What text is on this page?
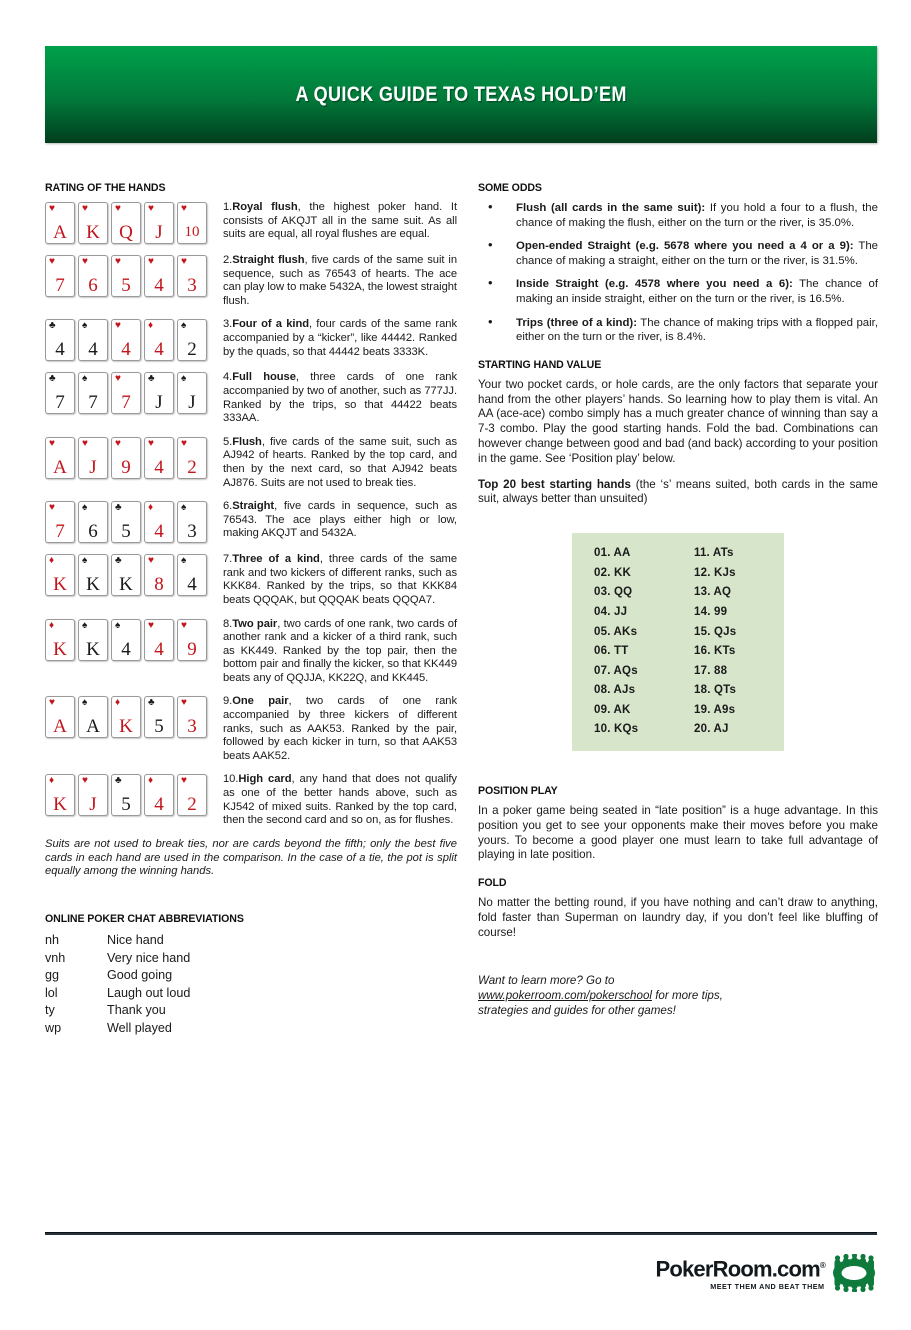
A QUICK GUIDE TO TEXAS HOLD’EM
RATING OF THE HANDS
♥
A
♥
K
♥
Q
♥
J
♥
10
1.Royal flush, the highest poker hand. It consists of AKQJT all in the same suit. As all suits are equal, all royal flushes are equal.
♥
7
♥
6
♥
5
♥
4
♥
3
2.Straight flush, five cards of the same suit in sequence, such as 76543 of hearts. The ace can play low to make 5432A, the lowest straight flush.
♣
4
♠
4
♥
4
♦
4
♠
2
3.Four of a kind, four cards of the same rank accompanied by a “kicker”, like 44442. Ranked by the quads, so that 44442 beats 3333K.
♣
7
♠
7
♥
7
♣
J
♠
J
4.Full house, three cards of one rank accompanied by two of another, such as 777JJ. Ranked by the trips, so that 44422 beats 333AA.
♥
A
♥
J
♥
9
♥
4
♥
2
5.Flush, five cards of the same suit, such as AJ942 of hearts. Ranked by the top card, and then by the next card, so that AJ942 beats AJ876. Suits are not used to break ties.
♥
7
♠
6
♣
5
♦
4
♠
3
6.Straight, five cards in sequence, such as 76543. The ace plays either high or low, making AKQJT and 5432A.
♦
K
♠
K
♣
K
♥
8
♠
4
7.Three of a kind, three cards of the same rank and two kickers of different ranks, such as KKK84. Ranked by the trips, so that KKK84 beats QQQAK, but QQQAK beats QQQA7.
♦
K
♠
K
♠
4
♥
4
♥
9
8.Two pair, two cards of one rank, two cards of another rank and a kicker of a third rank, such as KK449. Ranked by the top pair, then the bottom pair and finally the kicker, so that KK449 beats any of QQJJA, KK22Q, and KK445.
♥
A
♠
A
♦
K
♣
5
♥
3
9.One pair, two cards of one rank accompanied by three kickers of different ranks, such as AAK53. Ranked by the pair, followed by each kicker in turn, so that AAK53 beats AAK52.
♦
K
♥
J
♣
5
♦
4
♥
2
10.High card, any hand that does not qualify as one of the better hands above, such as KJ542 of mixed suits. Ranked by the top card, then the second card and so on, as for flushes.

Suits are not used to break ties, nor are cards beyond the fifth; only the best five cards in each hand are used in the comparison. In the case of a tie, the pot is split equally among the winning hands.

ONLINE POKER CHAT ABBREVIATIONS
nh	Nice hand
vnh	Very nice hand
gg	Good going
lol	Laugh out loud
ty	Thank you
wp	Well played
SOME ODDS
• Flush (all cards in the same suit): If you hold a four to a flush, the chance of making the flush, either on the turn or the river, is 35.0%.
• Open-ended Straight (e.g. 5678 where you need a 4 or a 9): The chance of making a straight, either on the turn or the river, is 31.5%.
• Inside Straight (e.g. 4578 where you need a 6): The chance of making an inside straight, either on the turn or the river, is 16.5%.
• Trips (three of a kind): The chance of making trips with a flopped pair, either on the turn or the river, is 8.4%.
STARTING HAND VALUE

Your two pocket cards, or hole cards, are the only factors that separate your hand from the other players’ hands. So learning how to play them is vital. An AA (ace-ace) combo simply has a much greater chance of winning than say a 7-3 combo. Play the good starting hands. Fold the bad. Combinations can however change between good and bad (and back) according to your position in the game. See ‘Position play’ below.

Top 20 best starting hands (the ‘s’ means suited, both cards in the same suit, always better than unsuited)

01. AA
02. KK
03. QQ
04. JJ
05. AKs
06. TT
07. AQs
08. AJs
09. AK
10. KQs
11. ATs
12. KJs
13. AQ
14. 99
15. QJs
16. KTs
17. 88
18. QTs
19. A9s
20. AJ
POSITION PLAY

In a poker game being seated in “late position” is a huge advantage. In this position you get to see your opponents make their moves before you make yours. To become a good player one must learn to take full advantage of playing in late position.

FOLD

No matter the betting round, if you have nothing and can’t draw to anything, fold faster than Superman on laundry day, if you don’t feel like bluffing of course!

Want to learn more? Go to
www.pokerroom.com/pokerschool for more tips,
strategies and guides for other games!
PokerRoom.com®
MEET THEM AND BEAT THEM
